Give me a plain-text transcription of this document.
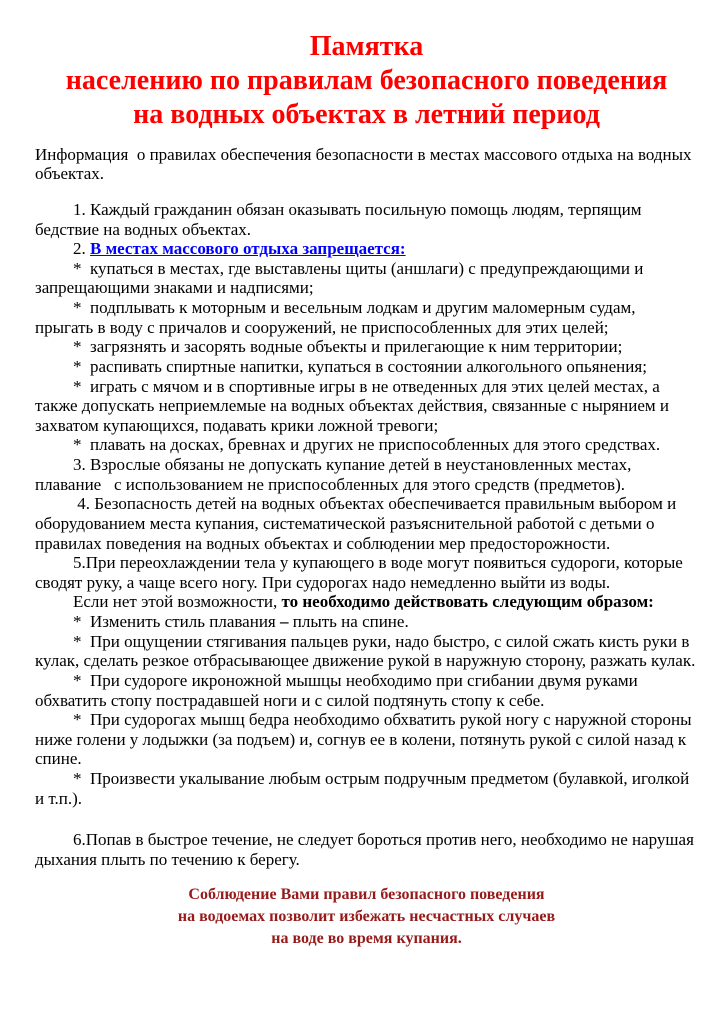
Памятка
населению по правилам безопасного поведения
на водных объектах в летний период

Информация  о правилах обеспечения безопасности в местах массового отдыха на водных объектах.

1. Каждый гражданин обязан оказывать посильную помощь людям, терпящим бедствие на водных объектах.

2. В местах массового отдыха запрещается:

*  купаться в местах, где выставлены щиты (аншлаги) с предупреждающими и запрещающими знаками и надписями;

*  подплывать к моторным и весельным лодкам и другим маломерным судам, прыгать в воду с причалов и сооружений, не приспособленных для этих целей;

*  загрязнять и засорять водные объекты и прилегающие к ним территории;

*  распивать спиртные напитки, купаться в состоянии алкогольного опьянения;

*  играть с мячом и в спортивные игры в не отведенных для этих целей местах, а также допускать неприемлемые на водных объектах действия, связанные с нырянием и захватом купающихся, подавать крики ложной тревоги;

*  плавать на досках, бревнах и других не приспособленных для этого средствах.

3. Взрослые обязаны не допускать купание детей в неустановленных местах, плавание   с использованием не приспособленных для этого средств (предметов).

4. Безопасность детей на водных объектах обеспечивается правильным выбором и оборудованием места купания, систематической разъяснительной работой с детьми о правилах поведения на водных объектах и соблюдении мер предосторожности.

5.При переохлаждении тела у купающего в воде могут появиться судороги, которые сводят руку, а чаще всего ногу. При судорогах надо немедленно выйти из воды.

Если нет этой возможности, то необходимо действовать следующим образом:

*  Изменить стиль плавания – плыть на спине.

*  При ощущении стягивания пальцев руки, надо быстро, с силой сжать кисть руки в кулак, сделать резкое отбрасывающее движение рукой в наружную сторону, разжать кулак.

*  При судороге икроножной мышцы необходимо при сгибании двумя руками обхватить стопу пострадавшей ноги и с силой подтянуть стопу к себе.

*  При судорогах мышц бедра необходимо обхватить рукой ногу с наружной стороны ниже голени у лодыжки (за подъем) и, согнув ее в колени, потянуть рукой с силой назад к спине.

*  Произвести укалывание любым острым подручным предметом (булавкой, иголкой и т.п.).

6.Попав в быстрое течение, не следует бороться против него, необходимо не нарушая дыхания плыть по течению к берегу.

Соблюдение Вами правил безопасного поведения
на водоемах позволит избежать несчастных случаев
на воде во время купания.
